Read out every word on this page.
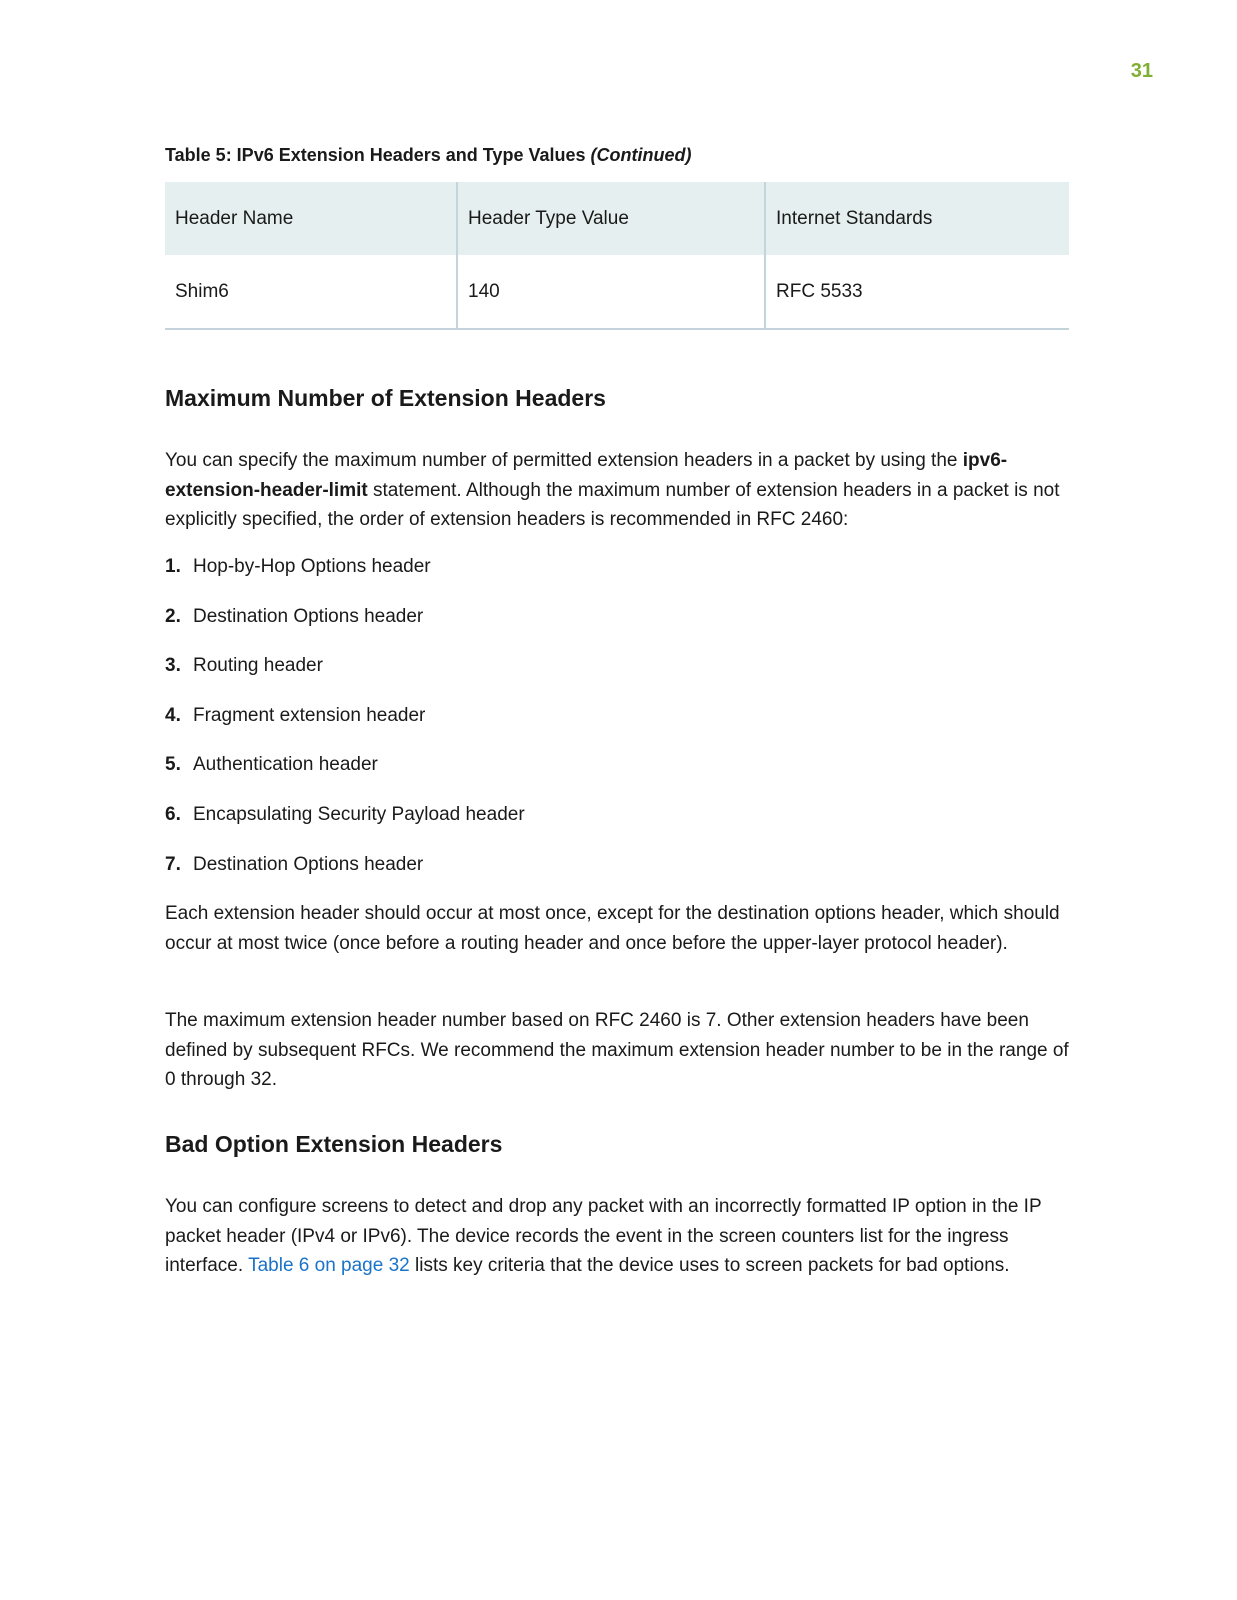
31
Table 5: IPv6 Extension Headers and Type Values (Continued)
Header Name	Header Type Value	Internet Standards
Shim6	140	RFC 5533
Maximum Number of Extension Headers

You can specify the maximum number of permitted extension headers in a packet by using the ipv6-extension-header-limit statement. Although the maximum number of extension headers in a packet is not explicitly specified, the order of extension headers is recommended in RFC 2460:

1. Hop-by-Hop Options header
2. Destination Options header
3. Routing header
4. Fragment extension header
5. Authentication header
6. Encapsulating Security Payload header
7. Destination Options header

Each extension header should occur at most once, except for the destination options header, which should occur at most twice (once before a routing header and once before the upper-layer protocol header).

The maximum extension header number based on RFC 2460 is 7. Other extension headers have been defined by subsequent RFCs. We recommend the maximum extension header number to be in the range of 0 through 32.

Bad Option Extension Headers

You can configure screens to detect and drop any packet with an incorrectly formatted IP option in the IP packet header (IPv4 or IPv6). The device records the event in the screen counters list for the ingress interface. Table 6 on page 32 lists key criteria that the device uses to screen packets for bad options.
